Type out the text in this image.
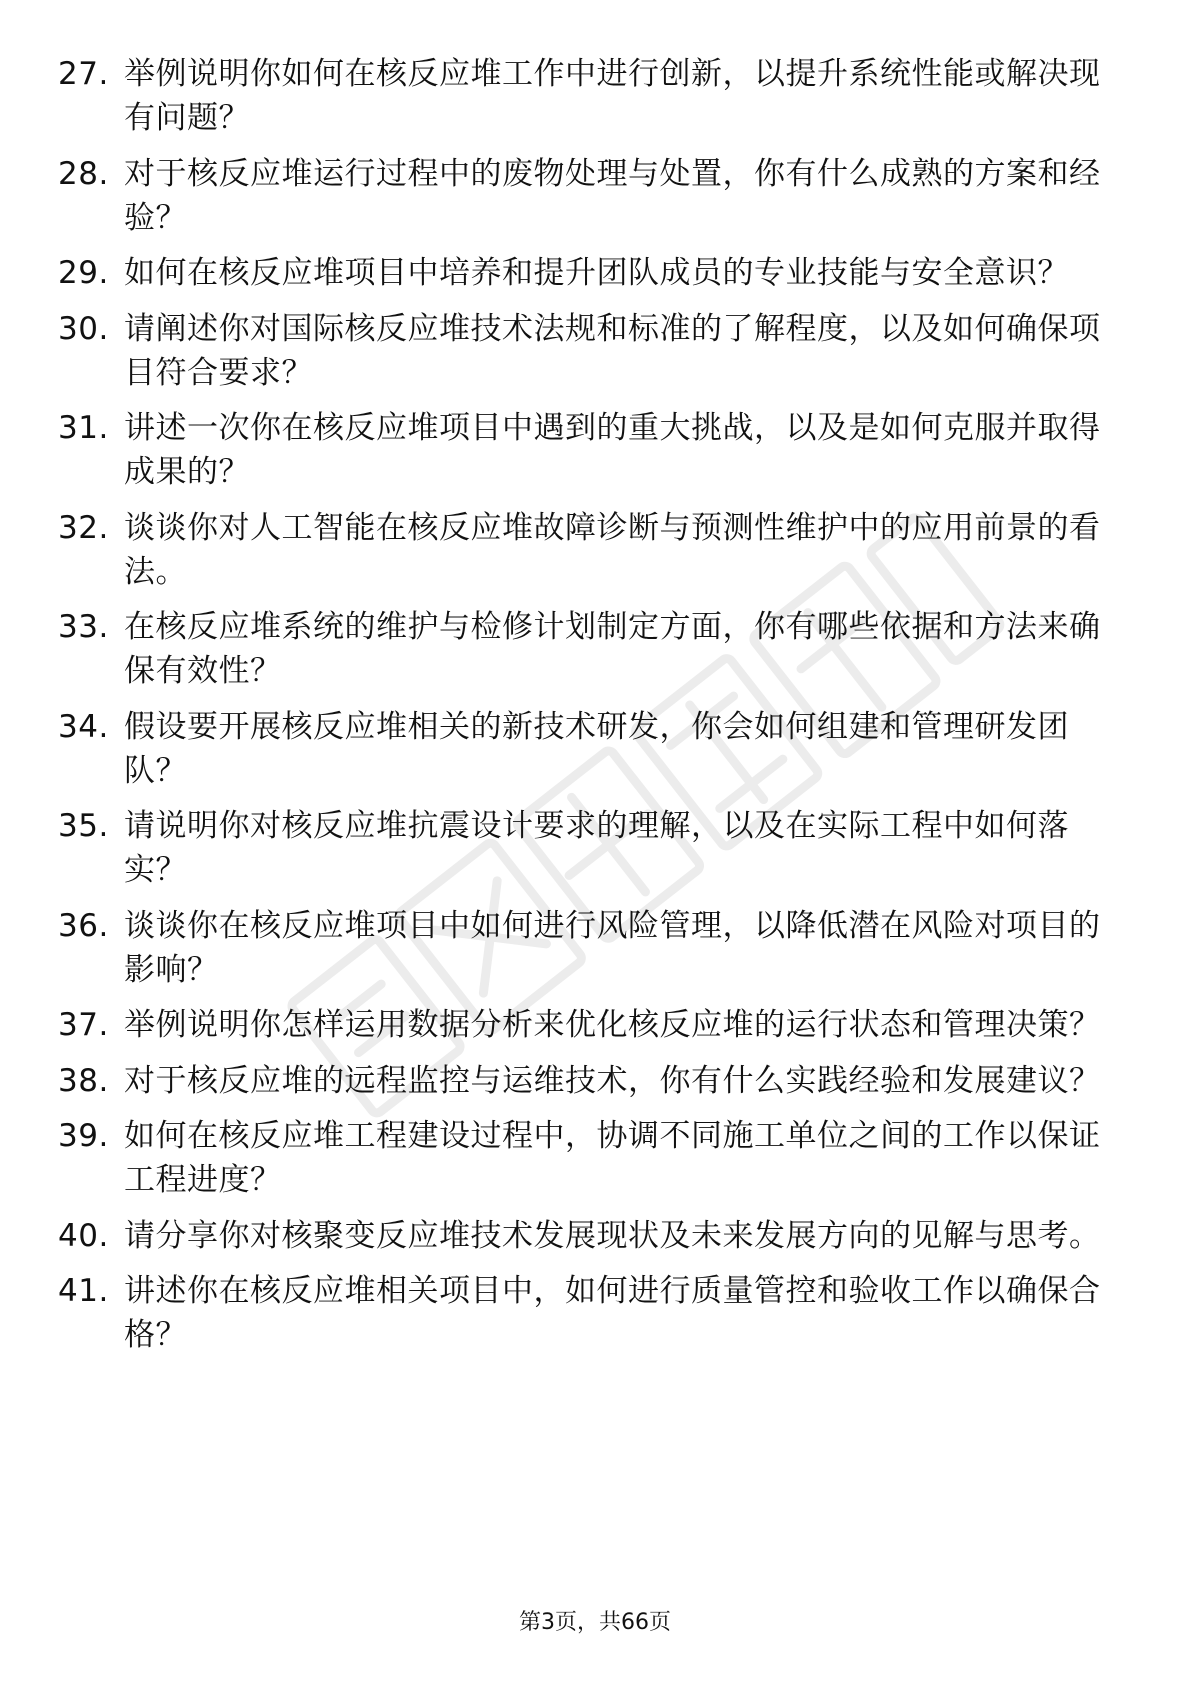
27. 举例说明你如何在核反应堆工作中进行创新，以提升系统性能或解决现有问题？
28. 对于核反应堆运行过程中的废物处理与处置，你有什么成熟的方案和经验？
29. 如何在核反应堆项目中培养和提升团队成员的专业技能与安全意识？
30. 请阐述你对国际核反应堆技术法规和标准的了解程度，以及如何确保项目符合要求？
31. 讲述一次你在核反应堆项目中遇到的重大挑战，以及是如何克服并取得成果的？
32. 谈谈你对人工智能在核反应堆故障诊断与预测性维护中的应用前景的看法。
33. 在核反应堆系统的维护与检修计划制定方面，你有哪些依据和方法来确保有效性？
34. 假设要开展核反应堆相关的新技术研发，你会如何组建和管理研发团队？
35. 请说明你对核反应堆抗震设计要求的理解，以及在实际工程中如何落实？
36. 谈谈你在核反应堆项目中如何进行风险管理，以降低潜在风险对项目的影响？
37. 举例说明你怎样运用数据分析来优化核反应堆的运行状态和管理决策？
38. 对于核反应堆的远程监控与运维技术，你有什么实践经验和发展建议？
39. 如何在核反应堆工程建设过程中，协调不同施工单位之间的工作以保证工程进度？
40. 请分享你对核聚变反应堆技术发展现状及未来发展方向的见解与思考。
41. 讲述你在核反应堆相关项目中，如何进行质量管控和验收工作以确保合格？
第3页，共66页
